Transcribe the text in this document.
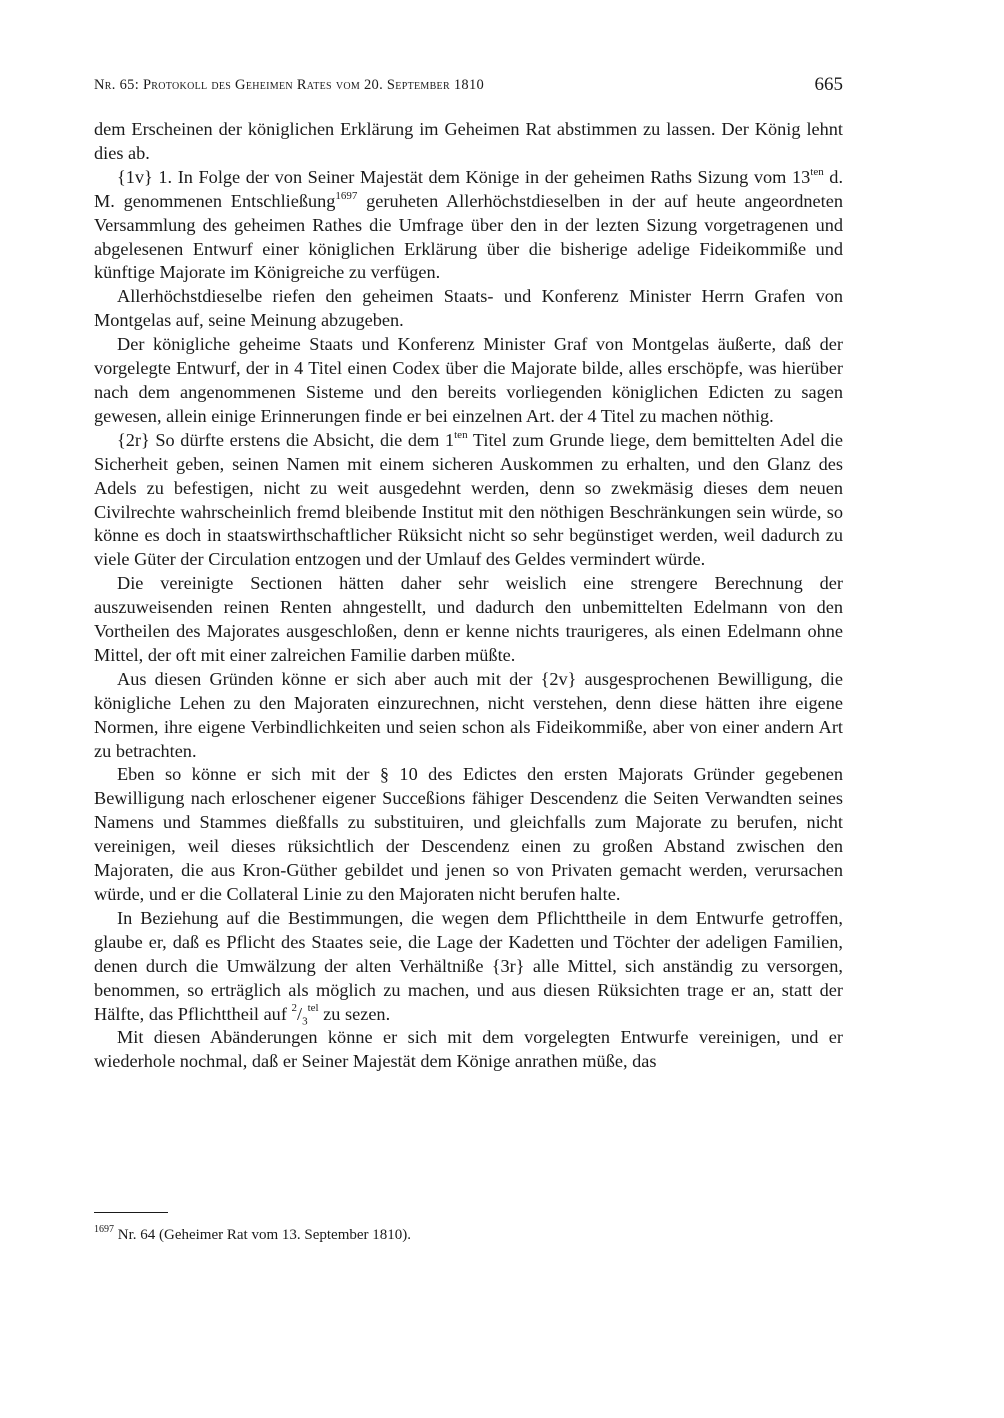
Nr. 65: Protokoll des Geheimen Rates vom 20. September 1810	665

dem Erscheinen der königlichen Erklärung im Geheimen Rat abstimmen zu lassen. Der König lehnt dies ab.

{1v} 1. In Folge der von Seiner Majestät dem Könige in der geheimen Raths Sizung vom $13^{ten}$ d. M. genommenen Entschließung$^{1697}$ geruheten Allerhöchstdieselben in der auf heute angeordneten Versammlung des geheimen Rathes die Umfrage über den in der lezten Sizung vorgetragenen und abgelesenen Entwurf einer königlichen Erklärung über die bisherige adelige Fideikommiße und künftige Majorate im Königreiche zu verfügen.

Allerhöchstdieselbe riefen den geheimen Staats- und Konferenz Minister Herrn Grafen von Montgelas auf, seine Meinung abzugeben.

Der königliche geheime Staats und Konferenz Minister Graf von Montgelas äußerte, daß der vorgelegte Entwurf, der in 4 Titel einen Codex über die Majorate bilde, alles erschöpfe, was hierüber nach dem angenommenen Sisteme und den bereits vorliegenden königlichen Edicten zu sagen gewesen, allein einige Erinnerungen finde er bei einzelnen Art. der 4 Titel zu machen nöthig.

{2r} So dürfte erstens die Absicht, die dem $1^{ten}$ Titel zum Grunde liege, dem bemittelten Adel die Sicherheit geben, seinen Namen mit einem sicheren Auskommen zu erhalten, und den Glanz des Adels zu befestigen, nicht zu weit ausgedehnt werden, denn so zwekmäsig dieses dem neuen Civilrechte wahrscheinlich fremd bleibende Institut mit den nöthigen Beschränkungen sein würde, so könne es doch in staatswirthschaftlicher Rüksicht nicht so sehr begünstiget werden, weil dadurch zu viele Güter der Circulation entzogen und der Umlauf des Geldes vermindert würde.

Die vereinigte Sectionen hätten daher sehr weislich eine strengere Berechnung der auszuweisenden reinen Renten ahngestellt, und dadurch den unbemittelten Edelmann von den Vortheilen des Majorates ausgeschloßen, denn er kenne nichts traurigeres, als einen Edelmann ohne Mittel, der oft mit einer zalreichen Familie darben müßte.

Aus diesen Gründen könne er sich aber auch mit der {2v} ausgesprochenen Bewilligung, die königliche Lehen zu den Majoraten einzurechnen, nicht verstehen, denn diese hätten ihre eigene Normen, ihre eigene Verbindlichkeiten und seien schon als Fideikommiße, aber von einer andern Art zu betrachten.

Eben so könne er sich mit der § 10 des Edictes den ersten Majorats Gründer gegebenen Bewilligung nach erloschener eigener Succeßions fähiger Descendenz die Seiten Verwandten seines Namens und Stammes dießfalls zu substituiren, und gleichfalls zum Majorate zu berufen, nicht vereinigen, weil dieses rüksichtlich der Descendenz einen zu großen Abstand zwischen den Majoraten, die aus Kron-Güther gebildet und jenen so von Privaten gemacht werden, verursachen würde, und er die Collateral Linie zu den Majoraten nicht berufen halte.

In Beziehung auf die Bestimmungen, die wegen dem Pflichttheile in dem Entwurfe getroffen, glaube er, daß es Pflicht des Staates seie, die Lage der Kadetten und Töchter der adeligen Familien, denen durch die Umwälzung der alten Verhältniße {3r} alle Mittel, sich anständig zu versorgen, benommen, so erträglich als möglich zu machen, und aus diesen Rüksichten trage er an, statt der Hälfte, das Pflichttheil auf $^2/_3^{tel}$ zu sezen.

Mit diesen Abänderungen könne er sich mit dem vorgelegten Entwurfe vereinigen, und er wiederhole nochmal, daß er Seiner Majestät dem Könige anrathen müße, das

$^{1697}$ Nr. 64 (Geheimer Rat vom 13. September 1810).
